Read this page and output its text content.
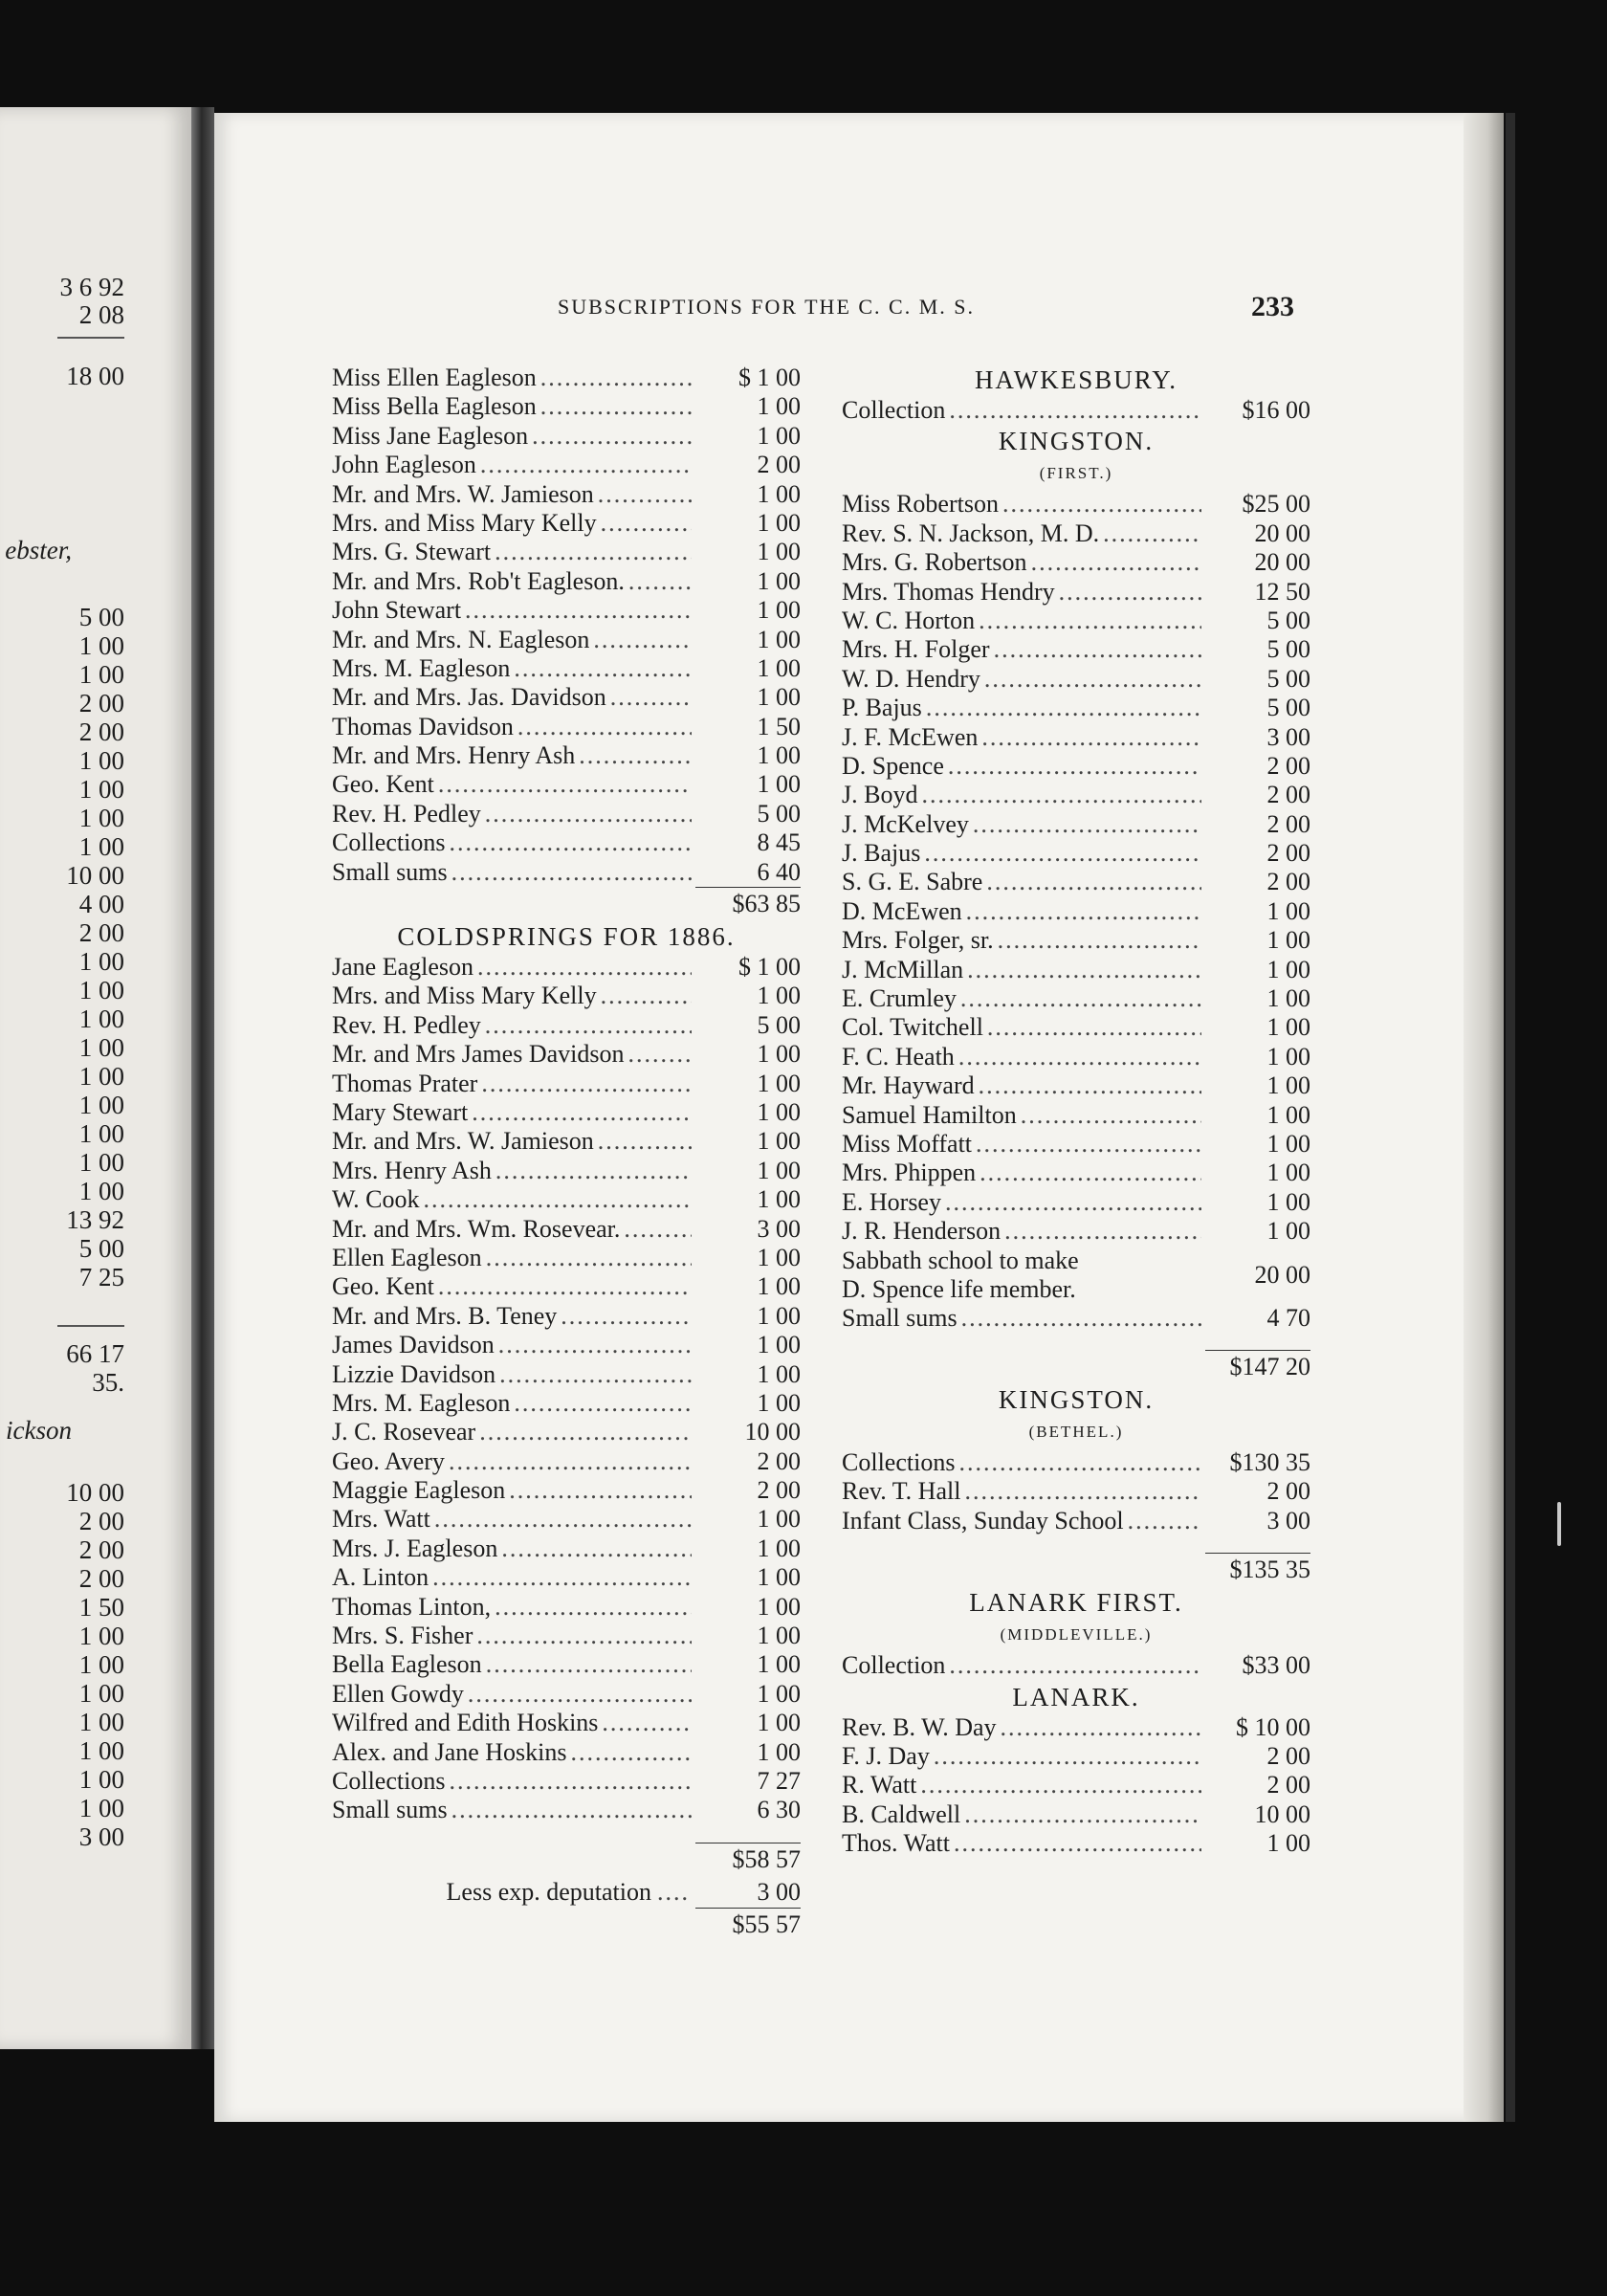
3 6 92
2 08
18 00
ebster,
5 00
1 00
1 00
2 00
2 00
1 00
1 00
1 00
1 00
10 00
4 00
2 00
1 00
1 00
1 00
1 00
1 00
1 00
1 00
1 00
1 00
13 92
5 00
7 25
66 17
35.
ickson
10 00
2 00
2 00
2 00
1 50
1 00
1 00
1 00
1 00
1 00
1 00
1 00
3 00
SUBSCRIPTIONS FOR THE C. C. M. S.	233
Miss Ellen Eagleson .....	$ 1 00
Miss Bella Eagleson .....	1 00
Miss Jane Eagleson .....	1 00
John Eagleson .....	2 00
Mr. and Mrs. W. Jamieson .....	1 00
Mrs. and Miss Mary Kelly .....	1 00
Mrs. G. Stewart .....	1 00
Mr. and Mrs. Rob't Eagleson. .....	1 00
John Stewart .....	1 00
Mr. and Mrs. N. Eagleson .....	1 00
Mrs. M. Eagleson .....	1 00
Mr. and Mrs. Jas. Davidson .....	1 00
Thomas Davidson .....	1 50
Mr. and Mrs. Henry Ash .....	1 00
Geo. Kent .....	1 00
Rev. H. Pedley .....	5 00
Collections .....	8 45
Small sums .....	6 40
$63 85
COLDSPRINGS FOR 1886.
Jane Eagleson .....	$ 1 00
Mrs. and Miss Mary Kelly .....	1 00
Rev. H. Pedley .....	5 00
Mr. and Mrs James Davidson .....	1 00
Thomas Prater .....	1 00
Mary Stewart .....	1 00
Mr. and Mrs. W. Jamieson .....	1 00
Mrs. Henry Ash .....	1 00
W. Cook .....	1 00
Mr. and Mrs. Wm. Rosevear. .....	3 00
Ellen Eagleson .....	1 00
Geo. Kent .....	1 00
Mr. and Mrs. B. Teney .....	1 00
James Davidson .....	1 00
Lizzie Davidson .....	1 00
Mrs. M. Eagleson .....	1 00
J. C. Rosevear .....	10 00
Geo. Avery .....	2 00
Maggie Eagleson .....	2 00
Mrs. Watt .....	1 00
Mrs. J. Eagleson .....	1 00
A. Linton .....	1 00
Thomas Linton, .....	1 00
Mrs. S. Fisher .....	1 00
Bella Eagleson .....	1 00
Ellen Gowdy .....	1 00
Wilfred and Edith Hoskins .....	1 00
Alex. and Jane Hoskins .....	1 00
Collections .....	7 27
Small sums .....	6 30
$58 57
Less exp. deputation ....	3 00
$55 57
HAWKESBURY.
Collection .....	$16 00
KINGSTON.
(FIRST.)
Miss Robertson .....	$25 00
Rev. S. N. Jackson, M. D. .....	20 00
Mrs. G. Robertson .....	20 00
Mrs. Thomas Hendry .....	12 50
W. C. Horton .....	5 00
Mrs. H. Folger .....	5 00
W. D. Hendry .....	5 00
P. Bajus .....	5 00
J. F. McEwen .....	3 00
D. Spence .....	2 00
J. Boyd .....	2 00
J. McKelvey .....	2 00
J. Bajus .....	2 00
S. G. E. Sabre .....	2 00
D. McEwen .....	1 00
Mrs. Folger, sr. .....	1 00
J. McMillan .....	1 00
E. Crumley .....	1 00
Col. Twitchell .....	1 00
F. C. Heath .....	1 00
Mr. Hayward .....	1 00
Samuel Hamilton .....	1 00
Miss Moffatt .....	1 00
Mrs. Phippen .....	1 00
E. Horsey .....	1 00
J. R. Henderson .....	1 00
Sabbath school to make
D. Spence life member.
20 00
Small sums .....	4 70
$147 20
KINGSTON.
(BETHEL.)
Collections .....	$130 35
Rev. T. Hall .....	2 00
Infant Class, Sunday School .....	3 00
$135 35
LANARK FIRST.
(MIDDLEVILLE.)
Collection .....	$33 00
LANARK.
Rev. B. W. Day .....	$ 10 00
F. J. Day .....	2 00
R. Watt .....	2 00
B. Caldwell .....	10 00
Thos. Watt .....	1 00
